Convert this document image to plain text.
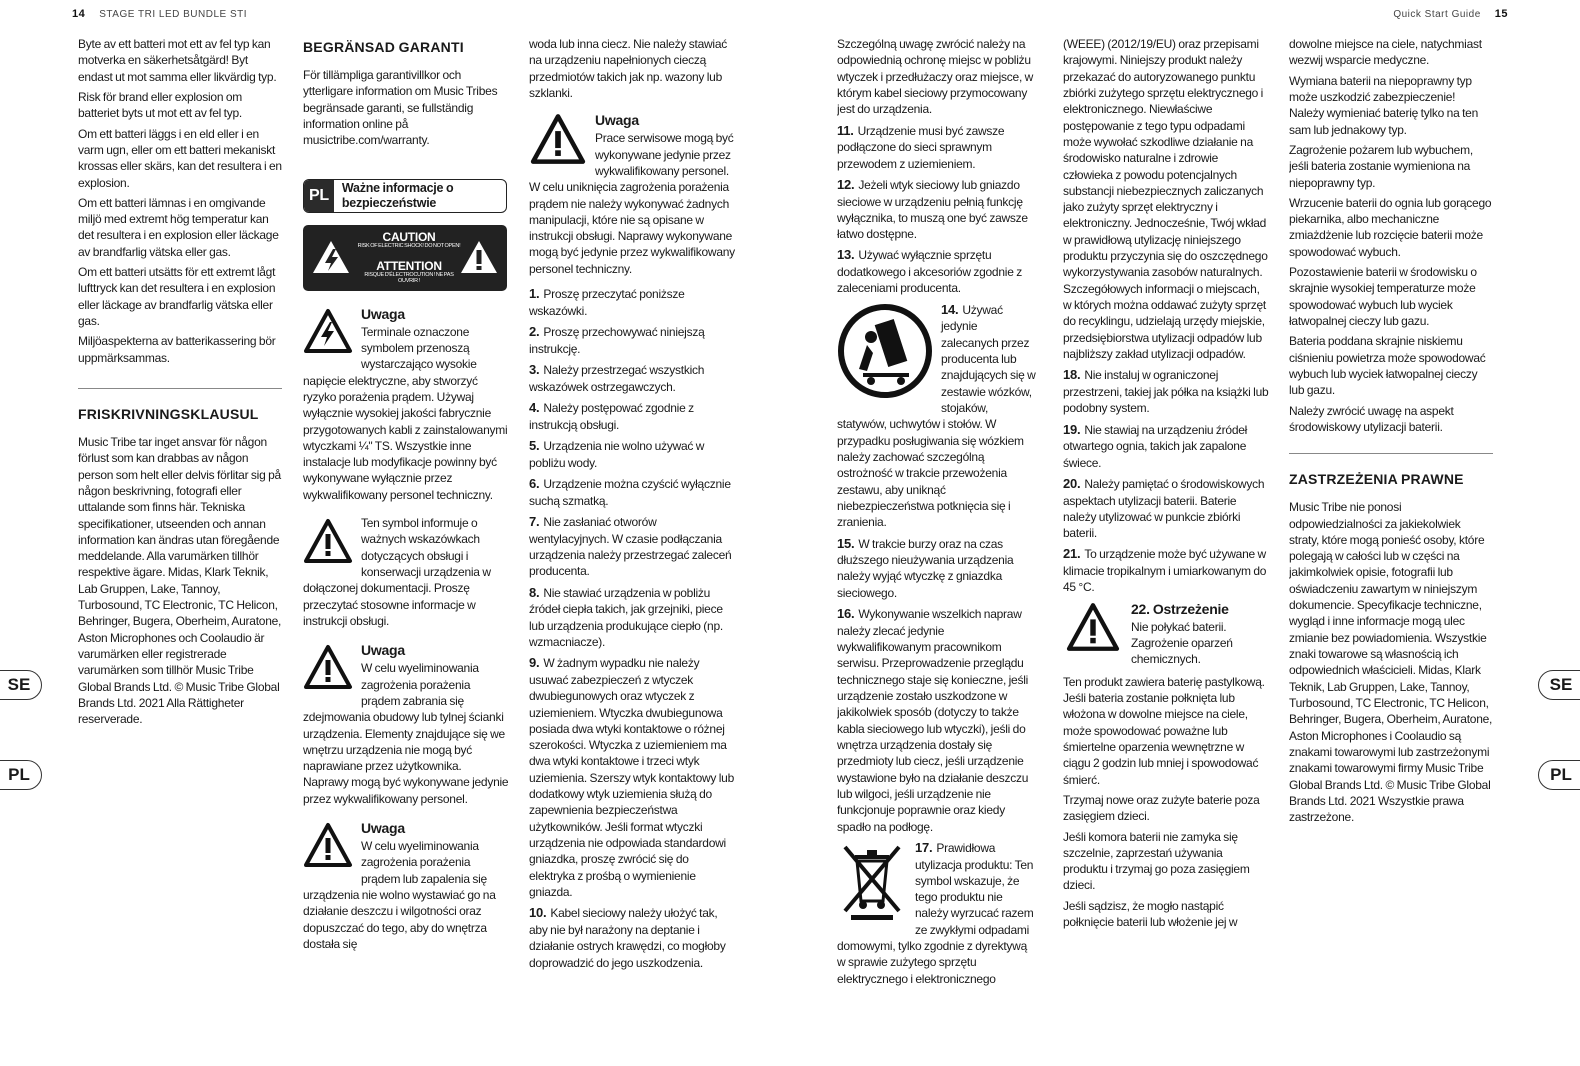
14 STAGE TRI LED BUNDLE STI	Quick Start Guide 15
SE
PL
SE
PL

Byte av ett batteri mot ett av fel typ kan motverka en säkerhetsåtgärd! Byt endast ut mot samma eller likvärdig typ.

Risk för brand eller explosion om batteriet byts ut mot ett av fel typ.

Om ett batteri läggs i en eld eller i en varm ugn, eller om ett batteri mekaniskt krossas eller skärs, kan det resultera i en explosion.

Om ett batteri lämnas i en omgivande miljö med extremt hög temperatur kan det resultera i en explosion eller läckage av brandfarlig vätska eller gas.

Om ett batteri utsätts för ett extremt lågt lufttryck kan det resultera i en explosion eller läckage av brandfarlig vätska eller gas.

Miljöaspekterna av batterikassering bör uppmärksammas.

FRISKRIVNINGSKLAUSUL

Music Tribe tar inget ansvar för någon förlust som kan drabbas av någon person som helt eller delvis förlitar sig på någon beskrivning, fotografi eller uttalande som finns här. Tekniska specifikationer, utseenden och annan information kan ändras utan föregående meddelande. Alla varumärken tillhör respektive ägare. Midas, Klark Teknik, Lab Gruppen, Lake, Tannoy, Turbosound, TC Electronic, TC Helicon, Behringer, Bugera, Oberheim, Auratone, Aston Microphones och Coolaudio är varumärken eller registrerade varumärken som tillhör Music Tribe Global Brands Ltd. © Music Tribe Global Brands Ltd. 2021 Alla Rättigheter reserverade.

BEGRÄNSAD GARANTI

För tillämpliga garantivillkor och ytterligare information om Music Tribes begränsade garanti, se fullständig information online på musictribe.com/warranty.

PL	Ważne informacje o bezpieczeństwie
CAUTION
RISK OF ELECTRIC SHOCK! DO NOT OPEN!
ATTENTION
RISQUE D'ÉLECTROCUTION ! NE PAS OUVRIR !
Uwaga
Terminale oznaczone symbolem przenoszą wystarczająco wysokie napięcie elektryczne, aby stworzyć ryzyko porażenia prądem. Używaj wyłącznie wysokiej jakości fabrycznie przygotowanych kabli z zainstalowanymi wtyczkami ¼" TS. Wszystkie inne instalacje lub modyfikacje powinny być wykonywane wyłącznie przez wykwalifikowany personel techniczny.
Ten symbol informuje o ważnych wskazówkach dotyczących obsługi i konserwacji urządzenia w dołączonej dokumentacji. Proszę przeczytać stosowne informacje w instrukcji obsługi.
Uwaga
W celu wyeliminowania zagrożenia porażenia prądem zabrania się zdejmowania obudowy lub tylnej ścianki urządzenia. Elementy znajdujące się we wnętrzu urządzenia nie mogą być naprawiane przez użytkownika. Naprawy mogą być wykonywane jedynie przez wykwalifikowany personel.
Uwaga
W celu wyeliminowania zagrożenia porażenia prądem lub zapalenia się urządzenia nie wolno wystawiać go na działanie deszczu i wilgotności oraz dopuszczać do tego, aby do wnętrza dostała się

woda lub inna ciecz. Nie należy stawiać na urządzeniu napełnionych cieczą przedmiotów takich jak np. wazony lub szklanki.

Uwaga
Prace serwisowe mogą być wykonywane jedynie przez wykwalifikowany personel. W celu uniknięcia zagrożenia porażenia prądem nie należy wykonywać żadnych manipulacji, które nie są opisane w instrukcji obsługi. Naprawy wykonywane mogą być jedynie przez wykwalifikowany personel techniczny.

1. Proszę przeczytać poniższe wskazówki.

2. Proszę przechowywać niniejszą instrukcję.

3. Należy przestrzegać wszystkich wskazówek ostrzegawczych.

4. Należy postępować zgodnie z instrukcją obsługi.

5. Urządzenia nie wolno używać w pobliżu wody.

6. Urządzenie można czyścić wyłącznie suchą szmatką.

7. Nie zasłaniać otworów wentylacyjnych. W czasie podłączania urządzenia należy przestrzegać zaleceń producenta.

8. Nie stawiać urządzenia w pobliżu źródeł ciepła takich, jak grzejniki, piece lub urządzenia produkujące ciepło (np. wzmacniacze).

9. W żadnym wypadku nie należy usuwać zabezpieczeń z wtyczek dwubiegunowych oraz wtyczek z uziemieniem. Wtyczka dwubiegunowa posiada dwa wtyki kontaktowe o różnej szerokości. Wtyczka z uziemieniem ma dwa wtyki kontaktowe i trzeci wtyk uziemienia. Szerszy wtyk kontaktowy lub dodatkowy wtyk uziemienia służą do zapewnienia bezpieczeństwa użytkowników. Jeśli format wtyczki urządzenia nie odpowiada standardowi gniazdka, proszę zwrócić się do elektryka z prośbą o wymienienie gniazda.

10. Kabel sieciowy należy ułożyć tak, aby nie był narażony na deptanie i działanie ostrych krawędzi, co mogłoby doprowadzić do jego uszkodzenia.

Szczególną uwagę zwrócić należy na odpowiednią ochronę miejsc w pobliżu wtyczek i przedłużaczy oraz miejsce, w którym kabel sieciowy przymocowany jest do urządzenia.

11. Urządzenie musi być zawsze podłączone do sieci sprawnym przewodem z uziemieniem.

12. Jeżeli wtyk sieciowy lub gniazdo sieciowe w urządzeniu pełnią funkcję wyłącznika, to muszą one być zawsze łatwo dostępne.

13. Używać wyłącznie sprzętu dodatkowego i akcesoriów zgodnie z zaleceniami producenta.

14. Używać jedynie zalecanych przez producenta lub znajdujących się w zestawie wózków, stojaków, statywów, uchwytów i stołów. W przypadku posługiwania się wózkiem należy zachować szczególną ostrożność w trakcie przewożenia zestawu, aby uniknąć niebezpieczeństwa potknięcia się i zranienia.

15. W trakcie burzy oraz na czas dłuższego nieużywania urządzenia należy wyjąć wtyczkę z gniazdka sieciowego.

16. Wykonywanie wszelkich napraw należy zlecać jedynie wykwalifikowanym pracownikom serwisu. Przeprowadzenie przeglądu technicznego staje się konieczne, jeśli urządzenie zostało uszkodzone w jakikolwiek sposób (dotyczy to także kabla sieciowego lub wtyczki), jeśli do wnętrza urządzenia dostały się przedmioty lub ciecz, jeśli urządzenie wystawione było na działanie deszczu lub wilgoci, jeśli urządzenie nie funkcjonuje poprawnie oraz kiedy spadło na podłogę.

17. Prawidłowa utylizacja produktu: Ten symbol wskazuje, że tego produktu nie należy wyrzucać razem ze zwykłymi odpadami domowymi, tylko zgodnie z dyrektywą w sprawie zużytego sprzętu elektrycznego i elektronicznego

(WEEE) (2012/19/EU) oraz przepisami krajowymi. Niniejszy produkt należy przekazać do autoryzowanego punktu zbiórki zużytego sprzętu elektrycznego i elektronicznego. Niewłaściwe postępowanie z tego typu odpadami może wywołać szkodliwe działanie na środowisko naturalne i zdrowie człowieka z powodu potencjalnych substancji niebezpiecznych zaliczanych jako zużyty sprzęt elektryczny i elektroniczny. Jednocześnie, Twój wkład w prawidłową utylizację niniejszego produktu przyczynia się do oszczędnego wykorzystywania zasobów naturalnych. Szczegółowych informacji o miejscach, w których można oddawać zużyty sprzęt do recyklingu, udzielają urzędy miejskie, przedsiębiorstwa utylizacji odpadów lub najbliższy zakład utylizacji odpadów.

18. Nie instaluj w ograniczonej przestrzeni, takiej jak półka na książki lub podobny system.

19. Nie stawiaj na urządzeniu źródeł otwartego ognia, takich jak zapalone świece.

20. Należy pamiętać o środowiskowych aspektach utylizacji baterii. Baterie należy utylizować w punkcie zbiórki baterii.

21. To urządzenie może być używane w klimacie tropikalnym i umiarkowanym do 45 °C.

22. Ostrzeżenie
Nie połykać baterii. Zagrożenie oparzeń chemicznych.

Ten produkt zawiera baterię pastylkową. Jeśli bateria zostanie połknięta lub włożona w dowolne miejsce na ciele, może spowodować poważne lub śmiertelne oparzenia wewnętrzne w ciągu 2 godzin lub mniej i spowodować śmierć.

Trzymaj nowe oraz zużyte baterie poza zasięgiem dzieci.

Jeśli komora baterii nie zamyka się szczelnie, zaprzestań używania produktu i trzymaj go poza zasięgiem dzieci.

Jeśli sądzisz, że mogło nastąpić połknięcie baterii lub włożenie jej w

dowolne miejsce na ciele, natychmiast wezwij wsparcie medyczne.

Wymiana baterii na niepoprawny typ może uszkodzić zabezpieczenie! Należy wymieniać baterię tylko na ten sam lub jednakowy typ.

Zagrożenie pożarem lub wybuchem, jeśli bateria zostanie wymieniona na niepoprawny typ.

Wrzucenie baterii do ognia lub gorącego piekarnika, albo mechaniczne zmiażdżenie lub rozcięcie baterii może spowodować wybuch.

Pozostawienie baterii w środowisku o skrajnie wysokiej temperaturze może spowodować wybuch lub wyciek łatwopalnej cieczy lub gazu.

Bateria poddana skrajnie niskiemu ciśnieniu powietrza może spowodować wybuch lub wyciek łatwopalnej cieczy lub gazu.

Należy zwrócić uwagę na aspekt środowiskowy utylizacji baterii.

ZASTRZEŻENIA PRAWNE

Music Tribe nie ponosi odpowiedzialności za jakiekolwiek straty, które mogą ponieść osoby, które polegają w całości lub w części na jakimkolwiek opisie, fotografii lub oświadczeniu zawartym w niniejszym dokumencie. Specyfikacje techniczne, wygląd i inne informacje mogą ulec zmianie bez powiadomienia. Wszystkie znaki towarowe są własnością ich odpowiednich właścicieli. Midas, Klark Teknik, Lab Gruppen, Lake, Tannoy, Turbosound, TC Electronic, TC Helicon, Behringer, Bugera, Oberheim, Auratone, Aston Microphones i Coolaudio są znakami towarowymi lub zastrzeżonymi znakami towarowymi firmy Music Tribe Global Brands Ltd. © Music Tribe Global Brands Ltd. 2021 Wszystkie prawa zastrzeżone.
